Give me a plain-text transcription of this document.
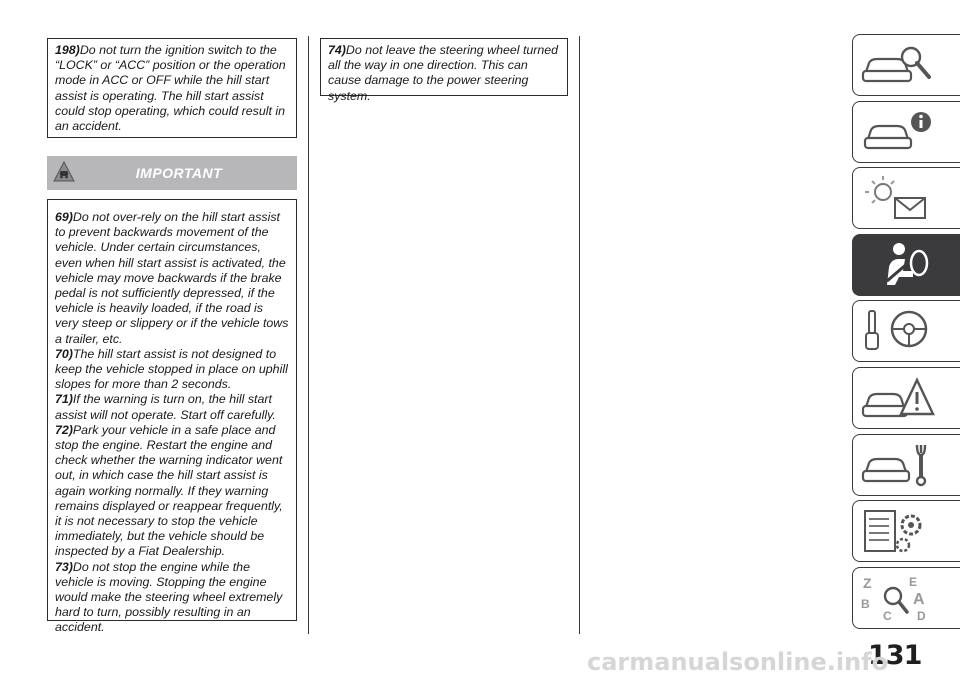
198)Do not turn the ignition switch to the “LOCK” or “ACC” position or the operation mode in ACC or OFF while the hill start assist is operating. The hill start assist could stop operating, which could result in an accident.

IMPORTANT

69)Do not over-rely on the hill start assist to prevent backwards movement of the vehicle. Under certain circumstances, even when hill start assist is activated, the vehicle may move backwards if the brake pedal is not sufficiently depressed, if the vehicle is heavily loaded, if the road is very steep or slippery or if the vehicle tows a trailer, etc.

70)The hill start assist is not designed to keep the vehicle stopped in place on uphill slopes for more than 2 seconds.

71)If the warning is turn on, the hill start assist will not operate. Start off carefully.

72)Park your vehicle in a safe place and stop the engine. Restart the engine and check whether the warning indicator went out, in which case the hill start assist is again working normally. If they warning remains displayed or reappear frequently, it is not necessary to stop the vehicle immediately, but the vehicle should be inspected by a Fiat Dealership.

73)Do not stop the engine while the vehicle is moving. Stopping the engine would make the steering wheel extremely hard to turn, possibly resulting in an accident.

74)Do not leave the steering wheel turned all the way in one direction. This can cause damage to the power steering system.

Z	E
B	A
D
C
131
carmanualsonline.info
